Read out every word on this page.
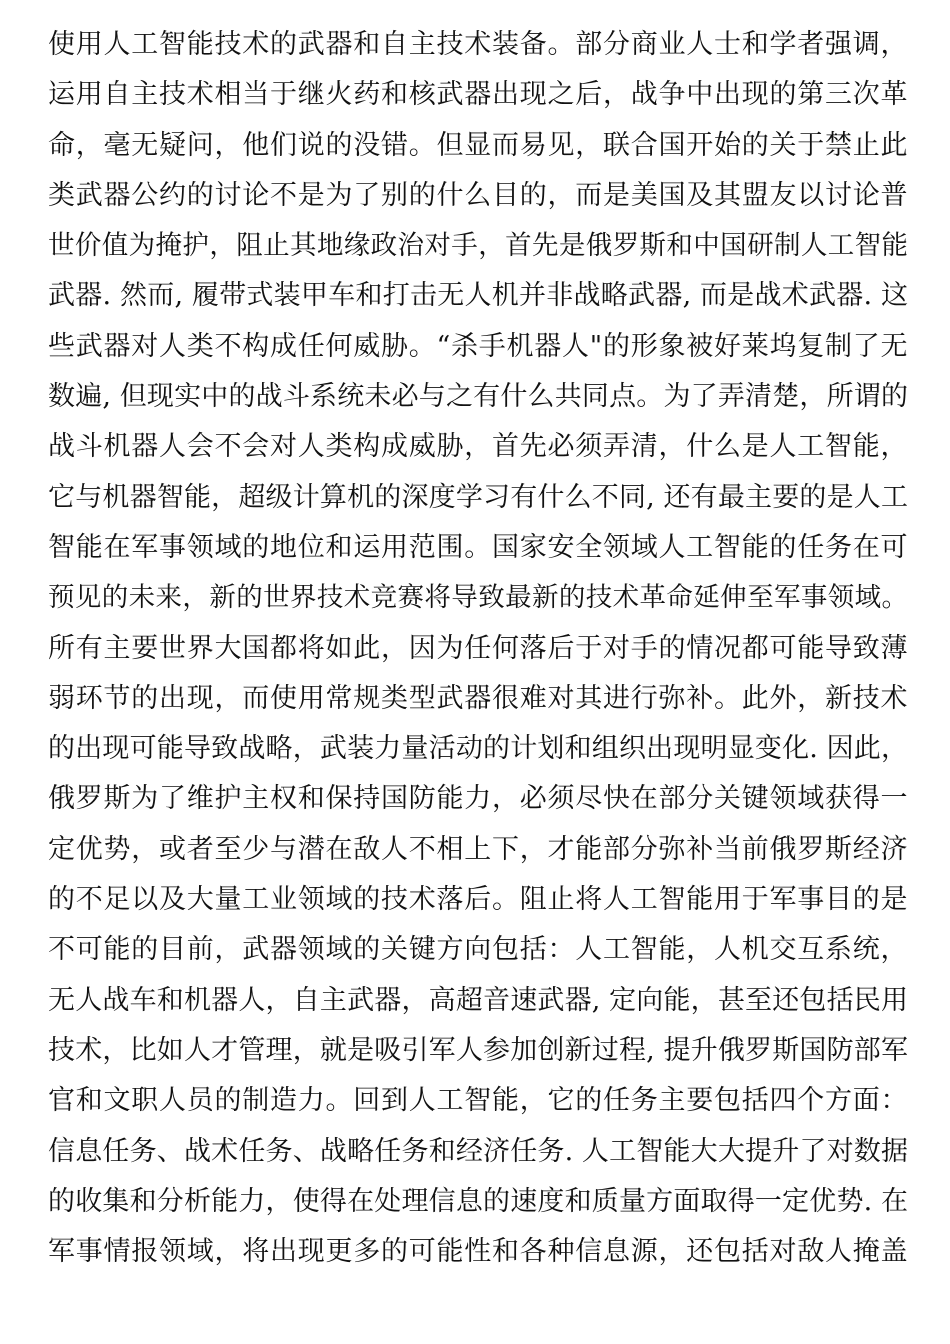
使用人工智能技术的武器和自主技术装备。部分商业人士和学者强调，
运用自主技术相当于继火药和核武器出现之后，战争中出现的第三次革
命，毫无疑问，他们说的没错。但显而易见，联合国开始的关于禁止此
类武器公约的讨论不是为了别的什么目的，而是美国及其盟友以讨论普
世价值为掩护，阻止其地缘政治对手，首先是俄罗斯和中国研制人工智能
武器. 然而, 履带式装甲车和打击无人机并非战略武器, 而是战术武器. 这
些武器对人类不构成任何威胁。“杀手机器人"的形象被好莱坞复制了无
数遍, 但现实中的战斗系统未必与之有什么共同点。为了弄清楚，所谓的
战斗机器人会不会对人类构成威胁，首先必须弄清，什么是人工智能，
它与机器智能，超级计算机的深度学习有什么不同, 还有最主要的是人工
智能在军事领域的地位和运用范围。国家安全领域人工智能的任务在可
预见的未来，新的世界技术竞赛将导致最新的技术革命延伸至军事领域。
所有主要世界大国都将如此，因为任何落后于对手的情况都可能导致薄
弱环节的出现，而使用常规类型武器很难对其进行弥补。此外，新技术
的出现可能导致战略，武装力量活动的计划和组织出现明显变化. 因此，
俄罗斯为了维护主权和保持国防能力，必须尽快在部分关键领域获得一
定优势，或者至少与潜在敌人不相上下，才能部分弥补当前俄罗斯经济
的不足以及大量工业领域的技术落后。阻止将人工智能用于军事目的是
不可能的目前，武器领域的关键方向包括：人工智能，人机交互系统，
无人战车和机器人，自主武器，高超音速武器, 定向能，甚至还包括民用
技术，比如人才管理，就是吸引军人参加创新过程, 提升俄罗斯国防部军
官和文职人员的制造力。回到人工智能，它的任务主要包括四个方面：
信息任务、战术任务、战略任务和经济任务. 人工智能大大提升了对数据
的收集和分析能力，使得在处理信息的速度和质量方面取得一定优势. 在
军事情报领域，将出现更多的可能性和各种信息源，还包括对敌人掩盖
